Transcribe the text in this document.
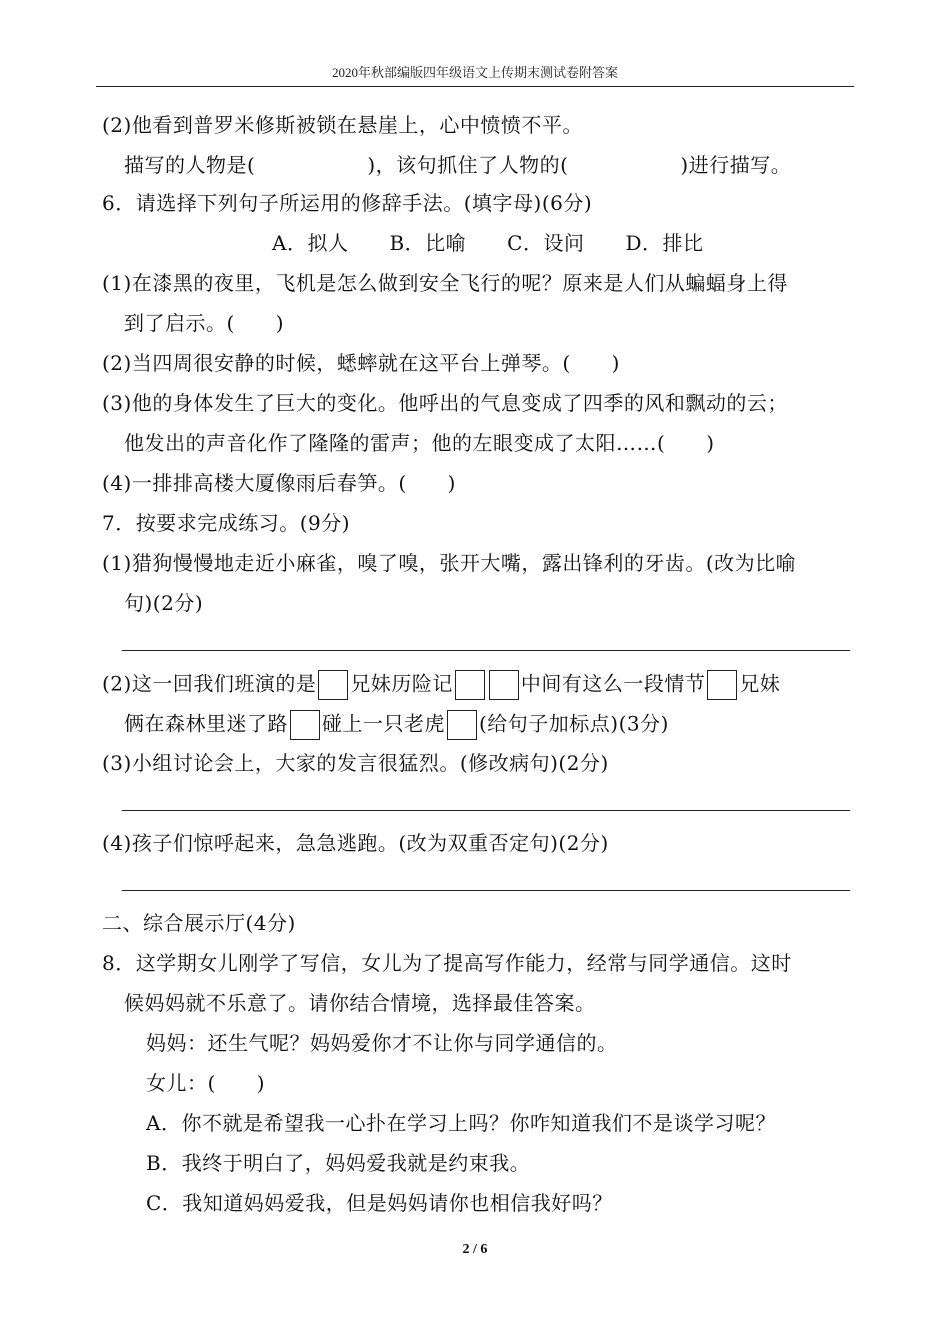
2020年秋部编版四年级语文上传期末测试卷附答案
(2)他看到普罗米修斯被锁在悬崖上，心中愤愤不平。
描写的人物是(	)，该句抓住了人物的(	)进行描写。
6．请选择下列句子所运用的修辞手法。(填字母)(6分)
A．拟人　　B．比喻　　C．设问　　D．排比
(1)在漆黑的夜里，飞机是怎么做到安全飞行的呢？原来是人们从蝙蝠身上得
到了启示。(　　)
(2)当四周很安静的时候，蟋蟀就在这平台上弹琴。(　　)
(3)他的身体发生了巨大的变化。他呼出的气息变成了四季的风和飘动的云；
他发出的声音化作了隆隆的雷声；他的左眼变成了太阳……(　　)
(4)一排排高楼大厦像雨后春笋。(　　)
7．按要求完成练习。(9分)
(1)猎狗慢慢地走近小麻雀，嗅了嗅，张开大嘴，露出锋利的牙齿。(改为比喻
句)(2分)
(2)这一回我们班演的是 兄妹历险记	中间有这么一段情节 兄妹
俩在森林里迷了路 碰上一只老虎 (给句子加标点)(3分)
(3)小组讨论会上，大家的发言很猛烈。(修改病句)(2分)
(4)孩子们惊呼起来，急急逃跑。(改为双重否定句)(2分)
二、综合展示厅(4分)
8．这学期女儿刚学了写信，女儿为了提高写作能力，经常与同学通信。这时
候妈妈就不乐意了。请你结合情境，选择最佳答案。
妈妈：还生气呢？妈妈爱你才不让你与同学通信的。
女儿：(　　)
A．你不就是希望我一心扑在学习上吗？你咋知道我们不是谈学习呢？
B．我终于明白了，妈妈爱我就是约束我。
C．我知道妈妈爱我，但是妈妈请你也相信我好吗？
2 / 6
